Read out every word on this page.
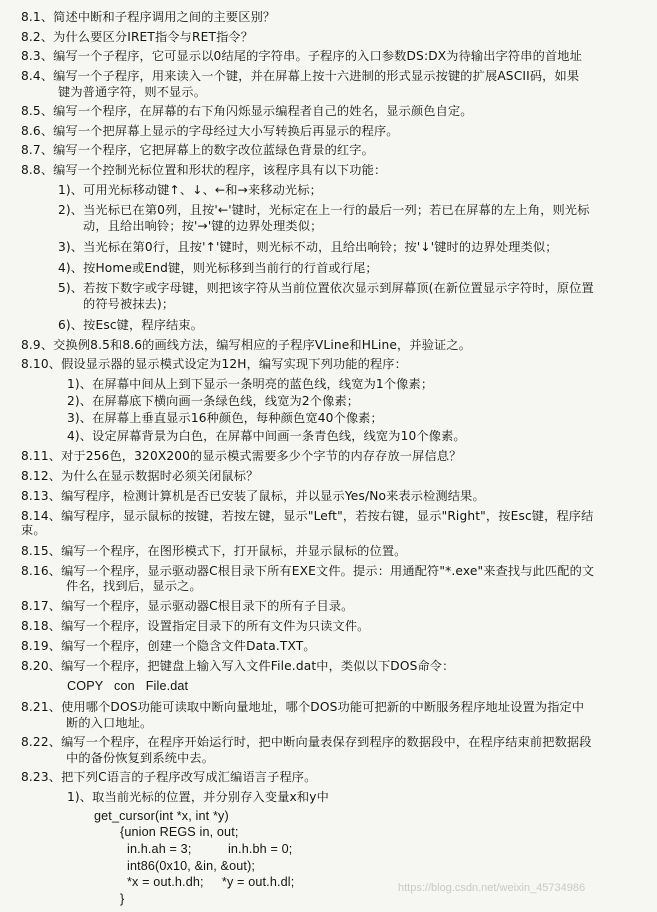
8.1、简述中断和子程序调用之间的主要区别？
8.2、为什么要区分IRET指令与RET指令？
8.3、编写一个子程序，它可显示以0结尾的字符串。子程序的入口参数DS:DX为待输出字符串的首地址
8.4、编写一个子程序，用来读入一个键，并在屏幕上按十六进制的形式显示按键的扩展ASCII码，如果
键为普通字符，则不显示。
8.5、编写一个程序，在屏幕的右下角闪烁显示编程者自己的姓名，显示颜色自定。
8.6、编写一个把屏幕上显示的字母经过大小写转换后再显示的程序。
8.7、编写一个程序，它把屏幕上的数字改位蓝绿色背景的红字。
8.8、编写一个控制光标位置和形状的程序，该程序具有以下功能：
1)、可用光标移动键↑、↓、←和→来移动光标；
2)、当光标已在第0列，且按'←'键时，光标定在上一行的最后一列；若已在屏幕的左上角，则光标
动，且给出响铃；按'→'键的边界处理类似；
3)、当光标在第0行，且按'↑'键时，则光标不动，且给出响铃；按'↓'键时的边界处理类似；
4)、按Home或End键，则光标移到当前行的行首或行尾；
5)、若按下数字或字母键，则把该字符从当前位置依次显示到屏幕顶(在新位置显示字符时，原位置
的符号被抹去)；
6)、按Esc键，程序结束。
8.9、交换例8.5和8.6的画线方法，编写相应的子程序VLine和HLine，并验证之。
8.10、假设显示器的显示模式设定为12H，编写实现下列功能的程序：
1)、在屏幕中间从上到下显示一条明亮的蓝色线，线宽为1个像素；
2)、在屏幕底下横向画一条绿色线，线宽为2个像素；
3)、在屏幕上垂直显示16种颜色，每种颜色宽40个像素；
4)、设定屏幕背景为白色，在屏幕中间画一条青色线，线宽为10个像素。
8.11、对于256色，320X200的显示模式需要多少个字节的内存存放一屏信息？
8.12、为什么在显示数据时必须关闭鼠标？
8.13、编写程序，检测计算机是否已安装了鼠标，并以显示Yes/No来表示检测结果。
8.14、编写程序，显示鼠标的按键，若按左键，显示"Left"，若按右键，显示"Right"，按Esc键，程序结
束。
8.15、编写一个程序，在图形模式下，打开鼠标，并显示鼠标的位置。
8.16、编写一个程序，显示驱动器C根目录下所有EXE文件。提示：用通配符"*.exe"来查找与此匹配的文
件名，找到后，显示之。
8.17、编写一个程序，显示驱动器C根目录下的所有子目录。
8.18、编写一个程序，设置指定目录下的所有文件为只读文件。
8.19、编写一个程序，创建一个隐含文件Data.TXT。
8.20、编写一个程序，把键盘上输入写入文件File.dat中，类似以下DOS命令：
COPY   con   File.dat
8.21、使用哪个DOS功能可读取中断向量地址，哪个DOS功能可把新的中断服务程序地址设置为指定中
断的入口地址。
8.22、编写一个程序，在程序开始运行时，把中断向量表保存到程序的数据段中，在程序结束前把数据段
中的备份恢复到系统中去。
8.23、把下列C语言的子程序改写成汇编语言子程序。
1)、取当前光标的位置，并分别存入变量x和y中
get_cursor(int *x, int *y)
{union REGS in, out;
in.h.ah = 3;          in.h.bh = 0;
int86(0x10, &in, &out);
*x = out.h.dh;     *y = out.h.dl;
}
https://blog.csdn.net/weixin_45734986
